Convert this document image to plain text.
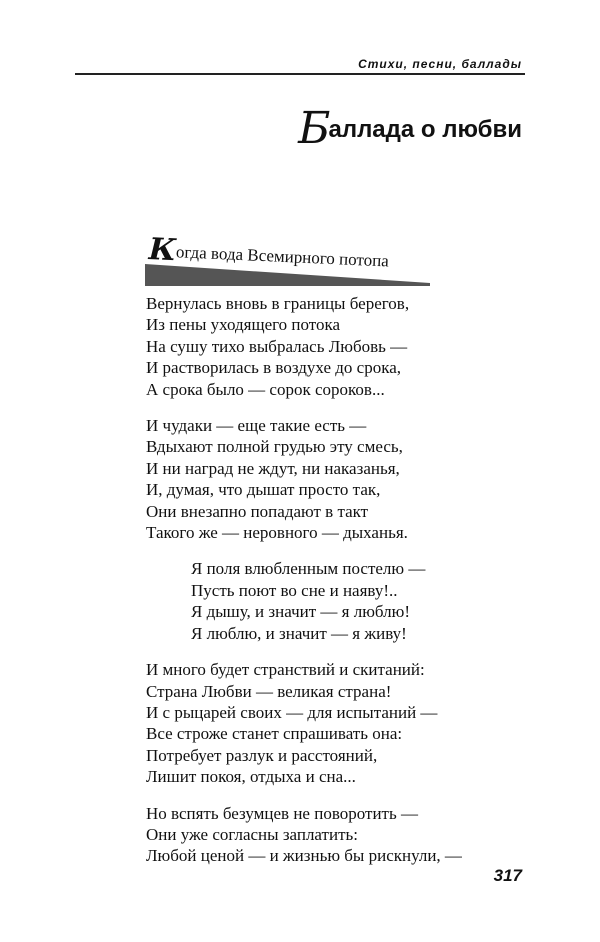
Стихи, песни, баллады
Баллада о любви
Когда вода Всемирного потопа
Вернулась вновь в границы берегов,
Из пены уходящего потока
На сушу тихо выбралась Любовь —
И растворилась в воздухе до срока,
А срока было — сорок сороков...
И чудаки — еще такие есть —
Вдыхают полной грудью эту смесь,
И ни наград не ждут, ни наказанья,
И, думая, что дышат просто так,
Они внезапно попадают в такт
Такого же — неровного — дыханья.
Я поля влюбленным постелю —
Пусть поют во сне и наяву!..
Я дышу, и значит — я люблю!
Я люблю, и значит — я живу!
И много будет странствий и скитаний:
Страна Любви — великая страна!
И с рыцарей своих — для испытаний —
Все строже станет спрашивать она:
Потребует разлук и расстояний,
Лишит покоя, отдыха и сна...
Но вспять безумцев не поворотить —
Они уже согласны заплатить:
Любой ценой — и жизнью бы рискнули, —
317
